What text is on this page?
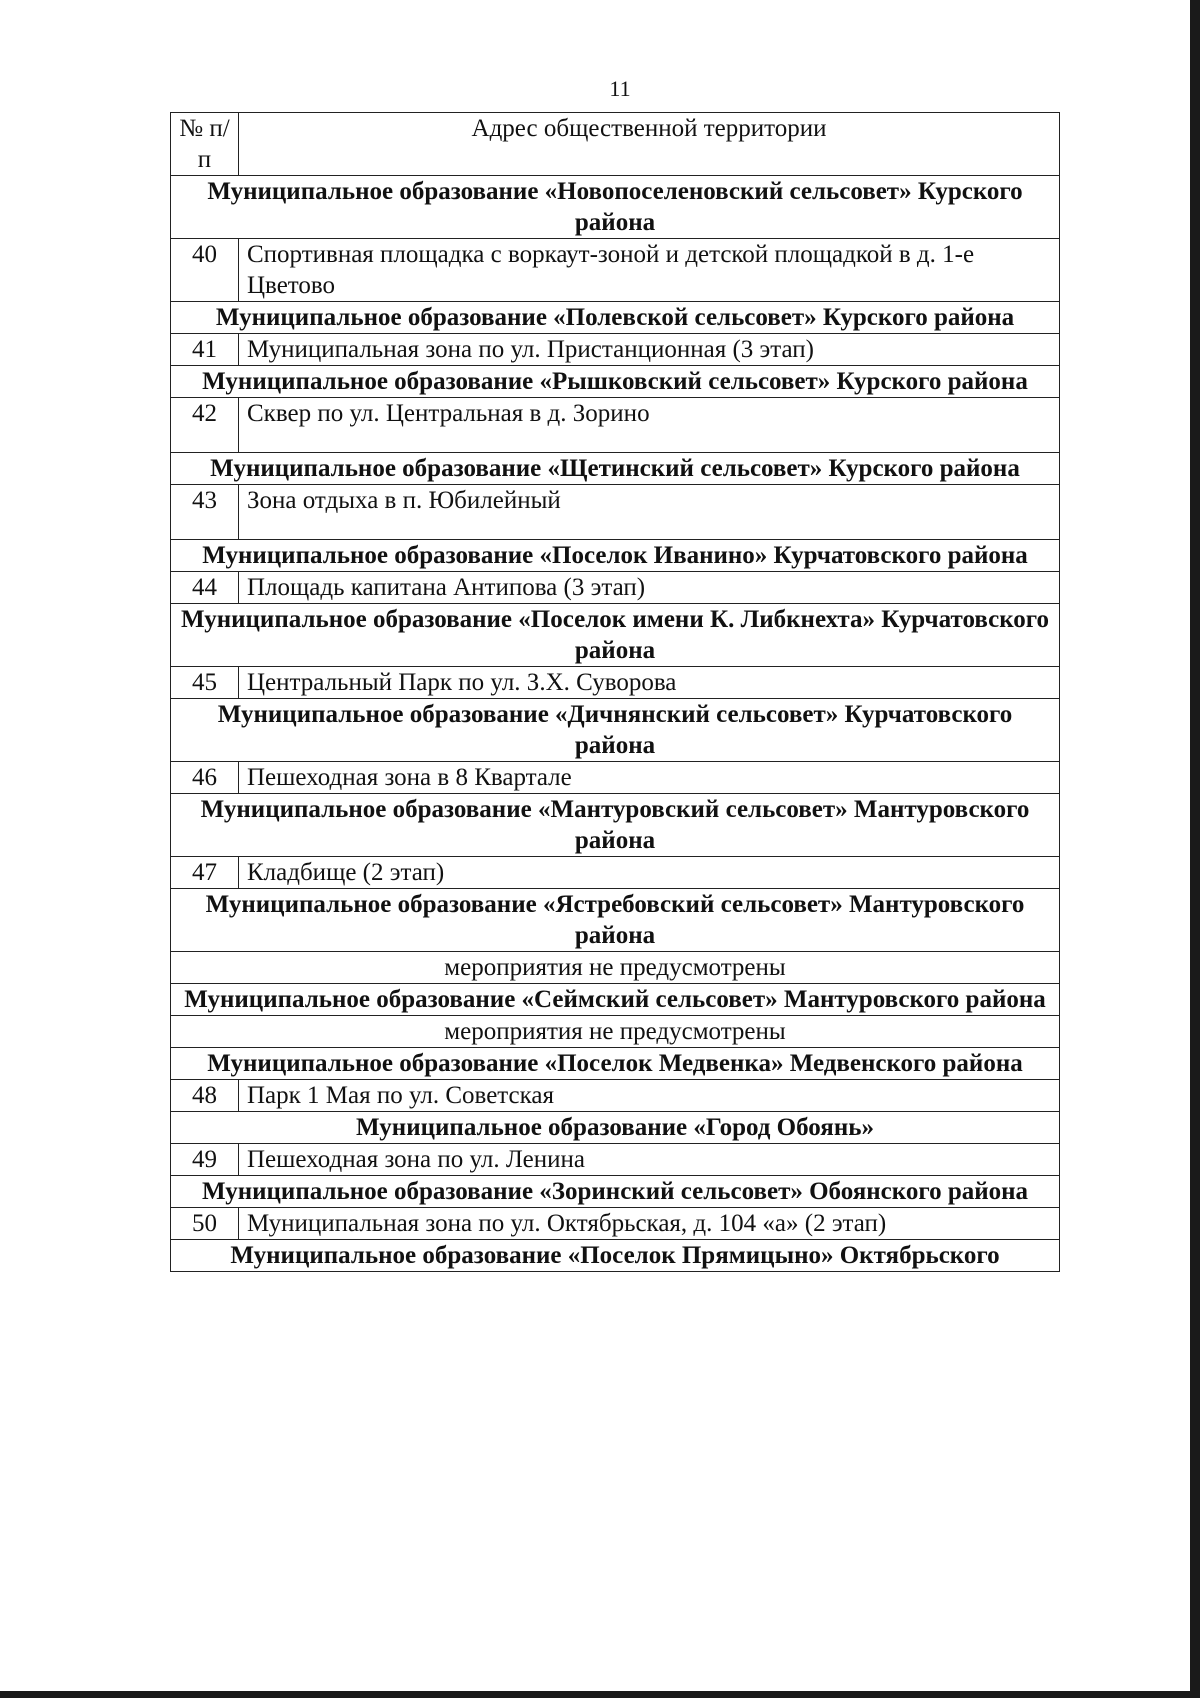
11
№ п/п	Адрес общественной территории
Муниципальное образование «Новопоселеновский сельсовет» Курского района	
40	Спортивная площадка с воркаут-зоной и детской площадкой в д. 1-е Цветово
Муниципальное образование «Полевской сельсовет» Курского района	
41	Муниципальная зона по ул. Пристанционная (3 этап)
Муниципальное образование «Рышковский сельсовет» Курского района	
42	Сквер по ул. Центральная в д. Зорино
Муниципальное образование «Щетинский сельсовет» Курского района	
43	Зона отдыха в п. Юбилейный
Муниципальное образование «Поселок Иванино» Курчатовского района	
44	Площадь капитана Антипова (3 этап)
Муниципальное образование «Поселок имени К. Либкнехта» Курчатовского района	
45	Центральный Парк по ул. З.Х. Суворова
Муниципальное образование «Дичнянский сельсовет» Курчатовского района	
46	Пешеходная зона в 8 Квартале
Муниципальное образование «Мантуровский сельсовет» Мантуровского района	
47	Кладбище (2 этап)
Муниципальное образование «Ястребовский сельсовет» Мантуровского района	
мероприятия не предусмотрены	
Муниципальное образование «Сеймский сельсовет» Мантуровского района	
мероприятия не предусмотрены	
Муниципальное образование «Поселок Медвенка» Медвенского района	
48	Парк 1 Мая по ул. Советская
Муниципальное образование «Город Обоянь»	
49	Пешеходная зона по ул. Ленина
Муниципальное образование «Зоринский сельсовет» Обоянского района	
50	Муниципальная зона по ул. Октябрьская, д. 104 «а» (2 этап)
Муниципальное образование «Поселок Прямицыно» Октябрьского	
